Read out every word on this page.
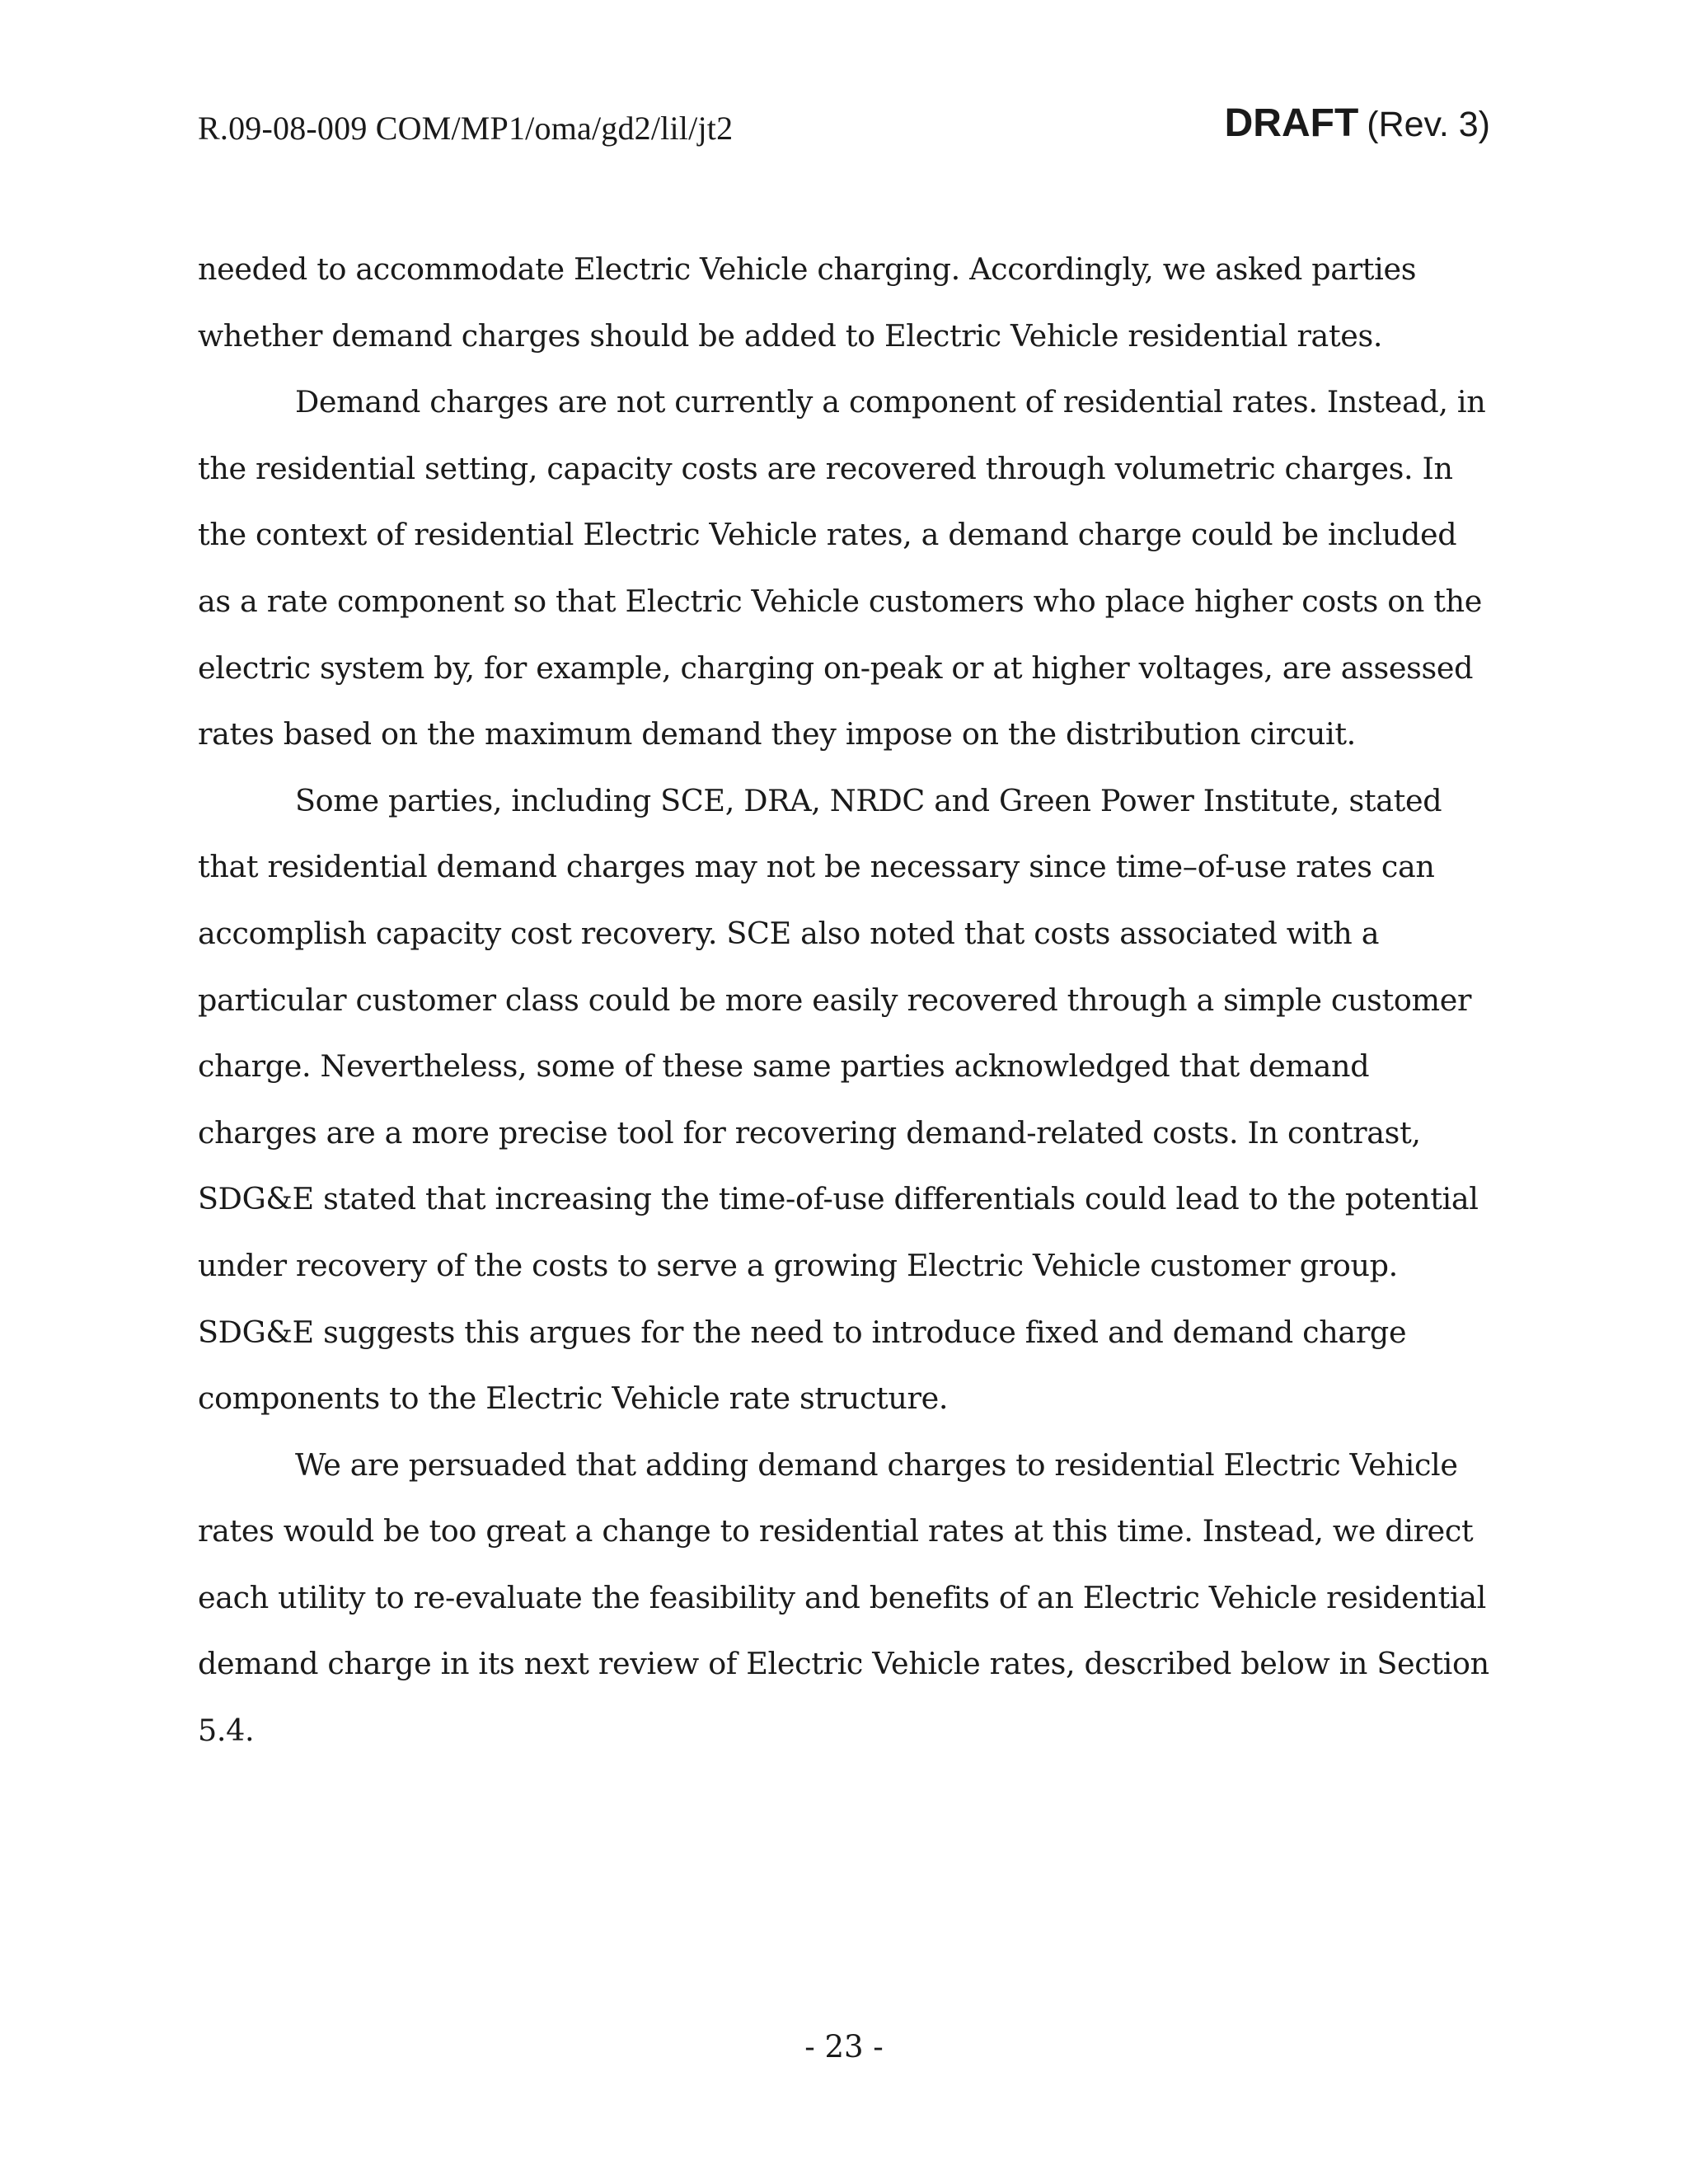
R.09-08-009 COM/MP1/oma/gd2/lil/jt2	DRAFT (Rev. 3)

needed to accommodate Electric Vehicle charging. Accordingly, we asked parties whether demand charges should be added to Electric Vehicle residential rates.

Demand charges are not currently a component of residential rates. Instead, in the residential setting, capacity costs are recovered through volumetric charges. In the context of residential Electric Vehicle rates, a demand charge could be included as a rate component so that Electric Vehicle customers who place higher costs on the electric system by, for example, charging on-peak or at higher voltages, are assessed rates based on the maximum demand they impose on the distribution circuit.

Some parties, including SCE, DRA, NRDC and Green Power Institute, stated that residential demand charges may not be necessary since time–of-use rates can accomplish capacity cost recovery. SCE also noted that costs associated with a particular customer class could be more easily recovered through a simple customer charge. Nevertheless, some of these same parties acknowledged that demand charges are a more precise tool for recovering demand-related costs. In contrast, SDG&E stated that increasing the time-of-use differentials could lead to the potential under recovery of the costs to serve a growing Electric Vehicle customer group. SDG&E suggests this argues for the need to introduce fixed and demand charge components to the Electric Vehicle rate structure.

We are persuaded that adding demand charges to residential Electric Vehicle rates would be too great a change to residential rates at this time. Instead, we direct each utility to re-evaluate the feasibility and benefits of an Electric Vehicle residential demand charge in its next review of Electric Vehicle rates, described below in Section 5.4.

- 23 -
